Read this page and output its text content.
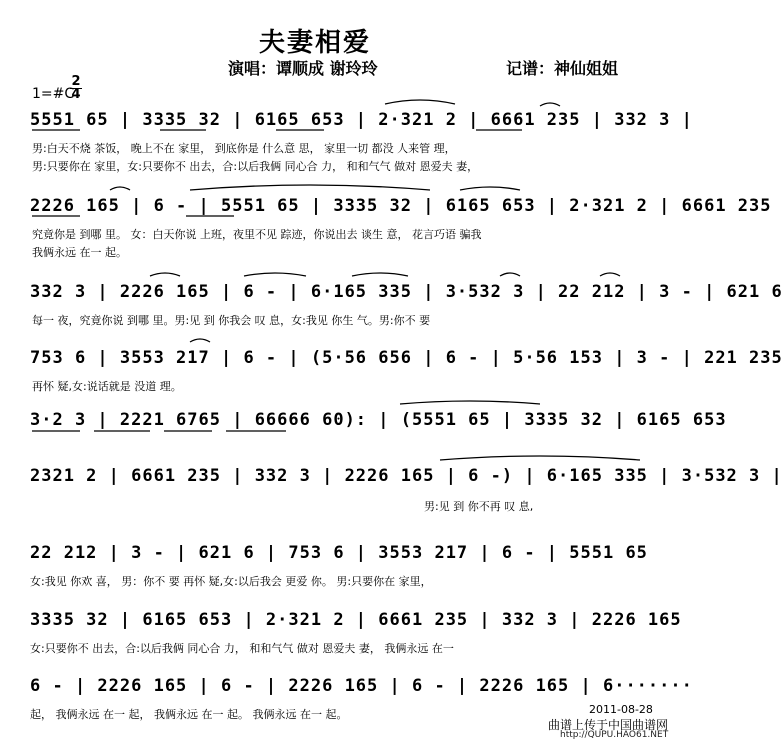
夫妻相爱
演唱：谭顺成 谢玲玲	记谱：神仙姐姐
1=#C
2
4
5551 65 | 3335 32 | 6165 653 | 2·321 2 | 6661 235 | 332 3 |
男:白天不烧 茶饭， 晚上不在 家里， 到底你是 什么意 思， 家里一切 都没 人来管 理，
男:只要你在 家里，女:只要你不 出去，合:以后我俩 同心合 力， 和和气气 做对 恩爱夫 妻，
2226 165 | 6 - | 5551 65 | 3335 32 | 6165 653 | 2·321 2 | 6661 235
究竟你是 到哪 里。 女：白天你说 上班，夜里不见 踪迹，你说出去 谈生 意， 花言巧语 骗我
我俩永远 在一 起。
332 3 | 2226 165 | 6 - | 6·165 335 | 3·532 3 | 22 212 | 3 - | 621 6
每一 夜，究竟你说 到哪 里。男:见 到 你我会 叹 息，女:我见 你生 气。男:你不 要
753 6 | 3553 217 | 6 - | (5·56 656 | 6 - | 5·56 153 | 3 - | 221 235
再怀 疑,女:说话就是 没道 理。
3·2 3 | 2221 6765 | 66666 60): | (5551 65 | 3335 32 | 6165 653
2321 2 | 6661 235 | 332 3 | 2226 165 | 6 -) | 6·165 335 | 3·532 3 |
男:见 到 你不再 叹 息,
22 212 | 3 - | 621 6 | 753 6 | 3553 217 | 6 - | 5551 65
女:我见 你欢 喜， 男：你不 要 再怀 疑,女:以后我会 更爱 你。 男:只要你在 家里，
3335 32 | 6165 653 | 2·321 2 | 6661 235 | 332 3 | 2226 165
女:只要你不 出去，合:以后我俩 同心合 力， 和和气气 做对 恩爱夫 妻， 我俩永远 在一
6 - | 2226 165 | 6 - | 2226 165 | 6 - | 2226 165 | 6·······
起， 我俩永远 在一 起， 我俩永远 在一 起。 我俩永远 在一 起。	2011-08-28
曲谱上传于中国曲谱网
http://QUPU.HAO61.NET
